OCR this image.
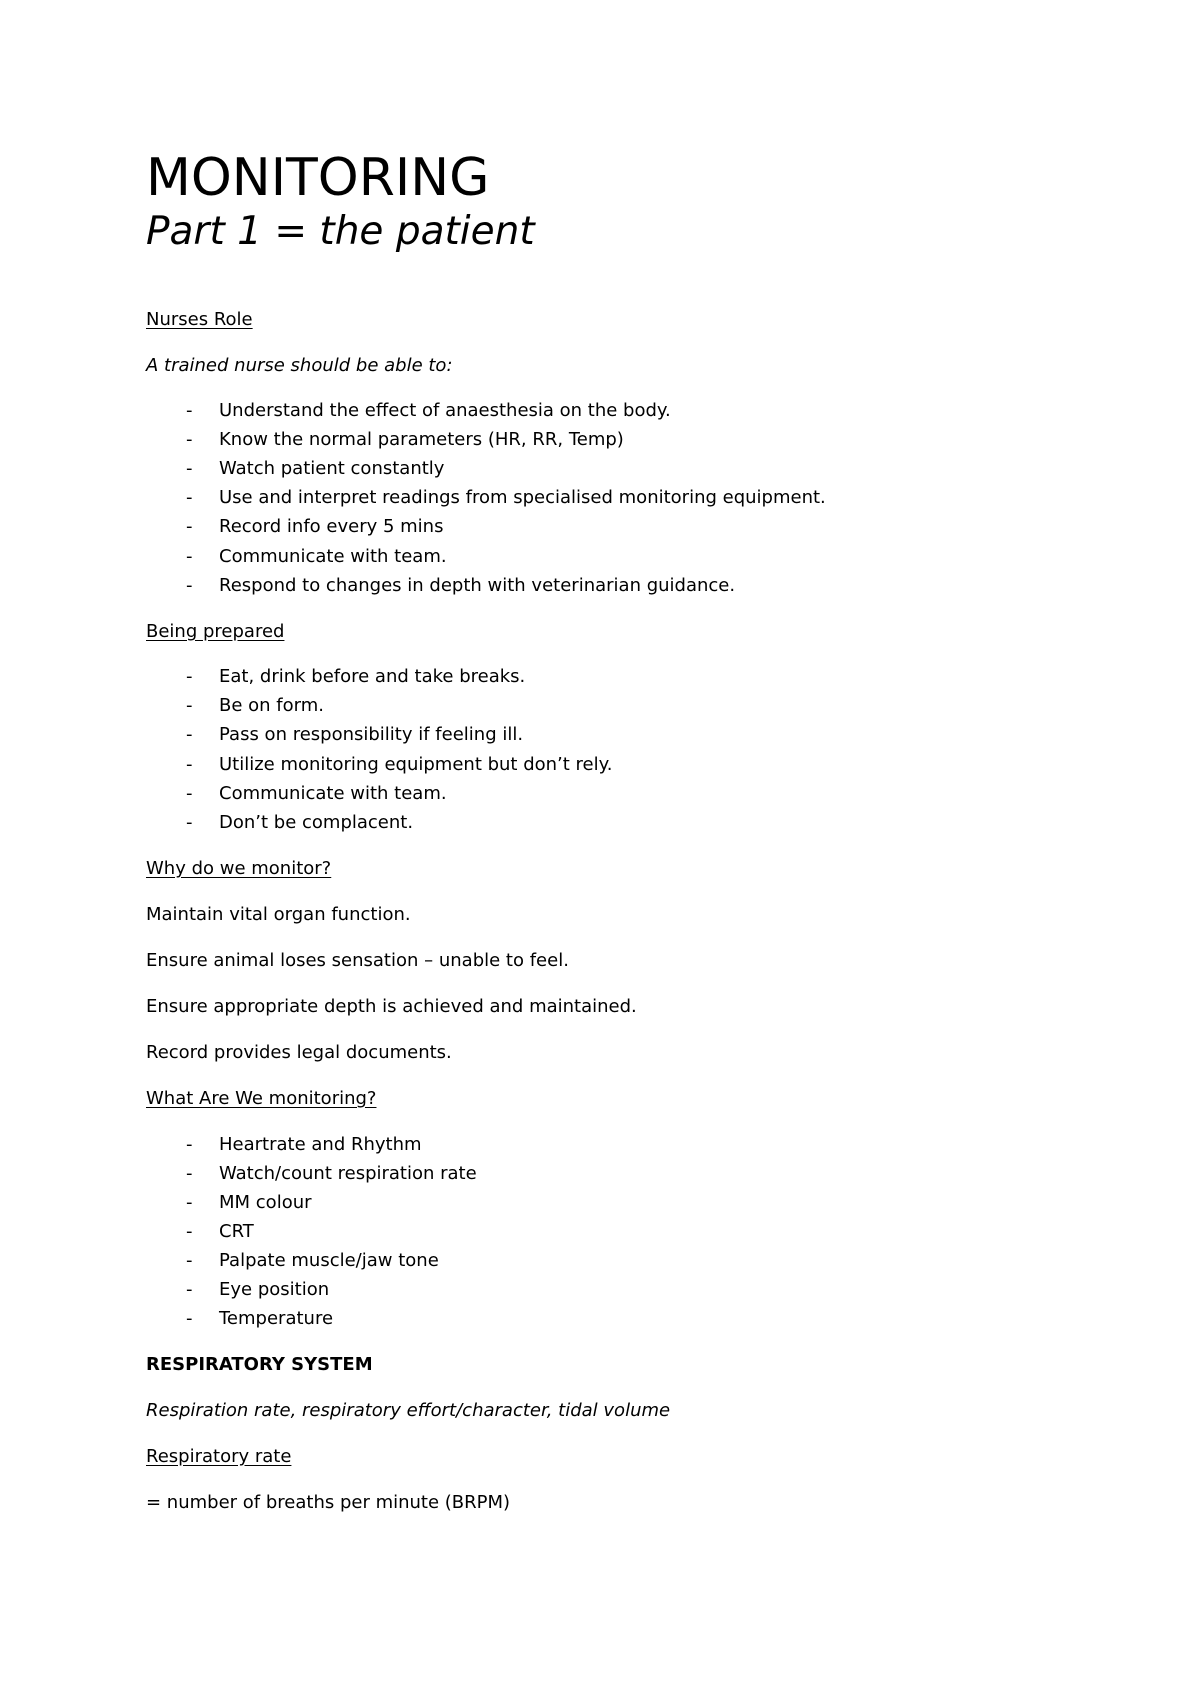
MONITORING
Part 1 = the patient
Nurses Role
A trained nurse should be able to:
- Understand the effect of anaesthesia on the body.
- Know the normal parameters (HR, RR, Temp)
- Watch patient constantly
- Use and interpret readings from specialised monitoring equipment.
- Record info every 5 mins
- Communicate with team.
- Respond to changes in depth with veterinarian guidance.
Being prepared
- Eat, drink before and take breaks.
- Be on form.
- Pass on responsibility if feeling ill.
- Utilize monitoring equipment but don’t rely.
- Communicate with team.
- Don’t be complacent.
Why do we monitor?
Maintain vital organ function.
Ensure animal loses sensation – unable to feel.
Ensure appropriate depth is achieved and maintained.
Record provides legal documents.
What Are We monitoring?
- Heartrate and Rhythm
- Watch/count respiration rate
- MM colour
- CRT
- Palpate muscle/jaw tone
- Eye position
- Temperature
RESPIRATORY SYSTEM
Respiration rate, respiratory effort/character, tidal volume
Respiratory rate
= number of breaths per minute (BRPM)
